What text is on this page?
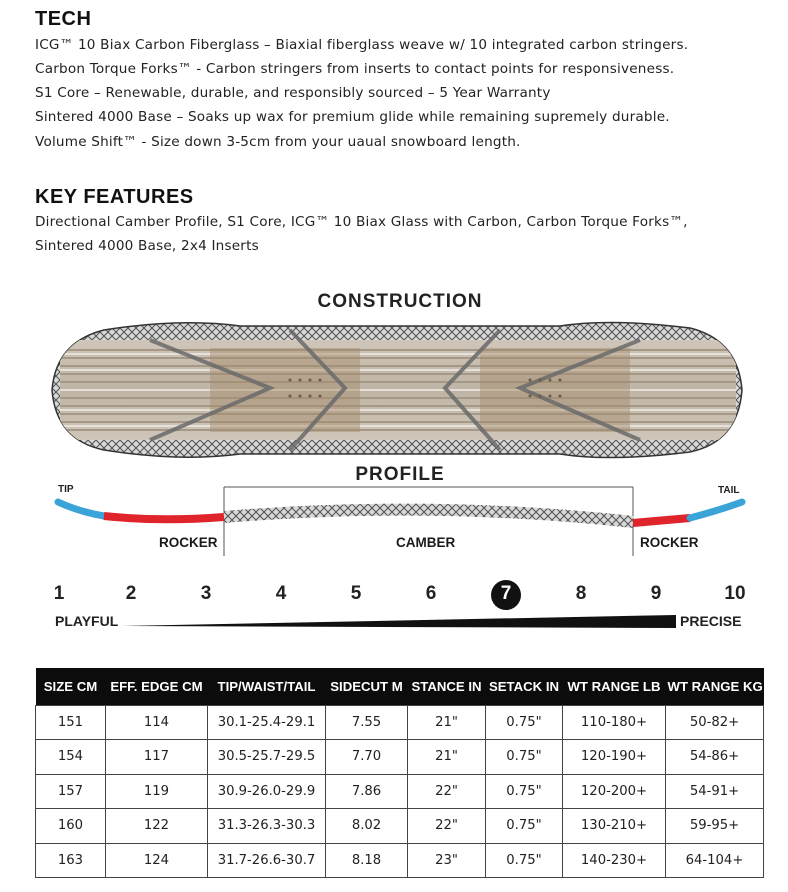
TECH
ICG™ 10 Biax Carbon Fiberglass – Biaxial fiberglass weave w/ 10 integrated carbon stringers.
Carbon Torque Forks™ - Carbon stringers from inserts to contact points for responsiveness.
S1 Core – Renewable, durable, and responsibly sourced – 5 Year Warranty
Sintered 4000 Base – Soaks up wax for premium glide while remaining supremely durable.
Volume Shift™ - Size down 3-5cm from your uaual snowboard length.
KEY FEATURES
Directional Camber Profile, S1 Core, ICG™ 10 Biax Glass with Carbon, Carbon Torque Forks™,
Sintered 4000 Base, 2x4 Inserts
CONSTRUCTION
PROFILE
TIP	TAIL
ROCKER	CAMBER	ROCKER
1	2	3	4	5	6	7	8	9	10
PLAYFUL	PRECISE
SIZE CM	EFF. EDGE CM	TIP/WAIST/TAIL	SIDECUT M	STANCE IN	SETACK IN	WT RANGE LB	WT RANGE KG
151	114	30.1-25.4-29.1	7.55	21"	0.75"	110-180+	50-82+
154	117	30.5-25.7-29.5	7.70	21"	0.75"	120-190+	54-86+
157	119	30.9-26.0-29.9	7.86	22"	0.75"	120-200+	54-91+
160	122	31.3-26.3-30.3	8.02	22"	0.75"	130-210+	59-95+
163	124	31.7-26.6-30.7	8.18	23"	0.75"	140-230+	64-104+
